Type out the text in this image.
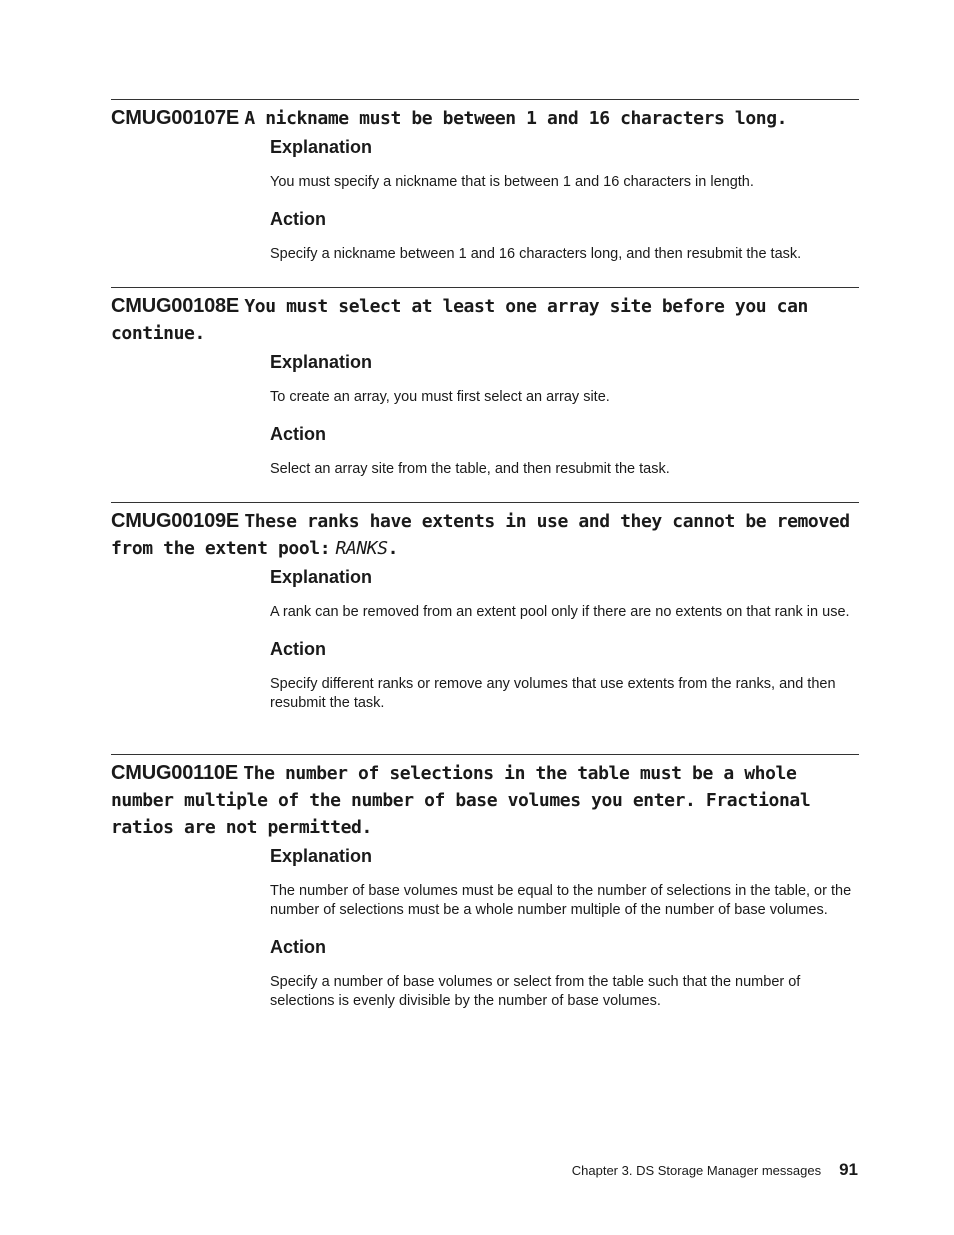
CMUG00107E A nickname must be between 1 and 16 characters long.
Explanation

You must specify a nickname that is between 1 and 16 characters in length.

Action

Specify a nickname between 1 and 16 characters long, and then resubmit the task.

CMUG00108E You must select at least one array site before you can continue.
Explanation

To create an array, you must first select an array site.

Action

Select an array site from the table, and then resubmit the task.

CMUG00109E These ranks have extents in use and they cannot be removed from the extent pool: RANKS.
Explanation

A rank can be removed from an extent pool only if there are no extents on that rank in use.

Action

Specify different ranks or remove any volumes that use extents from the ranks, and then resubmit the task.

CMUG00110E The number of selections in the table must be a whole number multiple of the number of base volumes you enter. Fractional ratios are not permitted.
Explanation

The number of base volumes must be equal to the number of selections in the table, or the number of selections must be a whole number multiple of the number of base volumes.

Action

Specify a number of base volumes or select from the table such that the number of selections is evenly divisible by the number of base volumes.

Chapter 3. DS Storage Manager messages 91
